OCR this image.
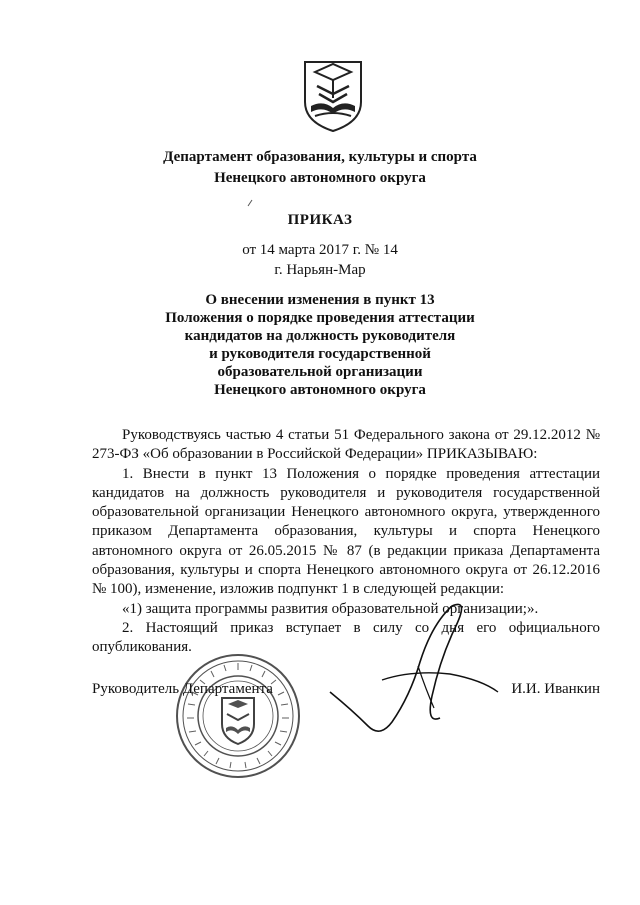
Департамент образования, культуры и спорта
Ненецкого автономного округа
ПРИКАЗ
от 14 марта 2017 г. № 14
г. Нарьян-Мар
О внесении изменения в пункт 13
Положения о порядке проведения аттестации
кандидатов на должность руководителя
и руководителя государственной
образовательной организации
Ненецкого автономного округа

Руководствуясь частью 4 статьи 51 Федерального закона от 29.12.2012 № 273-ФЗ «Об образовании в Российской Федерации» ПРИКАЗЫВАЮ:

1. Внести в пункт 13 Положения о порядке проведения аттестации кандидатов на должность руководителя и руководителя государственной образовательной организации Ненецкого автономного округа, утвержденного приказом Департамента образования, культуры и спорта Ненецкого автономного округа от 26.05.2015 № 87 (в редакции приказа Департамента образования, культуры и спорта Ненецкого автономного округа от 26.12.2016 № 100), изменение, изложив подпункт 1 в следующей редакции:

«1) защита программы развития образовательной организации;».

2. Настоящий приказ вступает в силу со дня его официального опубликования.

Руководитель Департамента	И.И. Иванкин
